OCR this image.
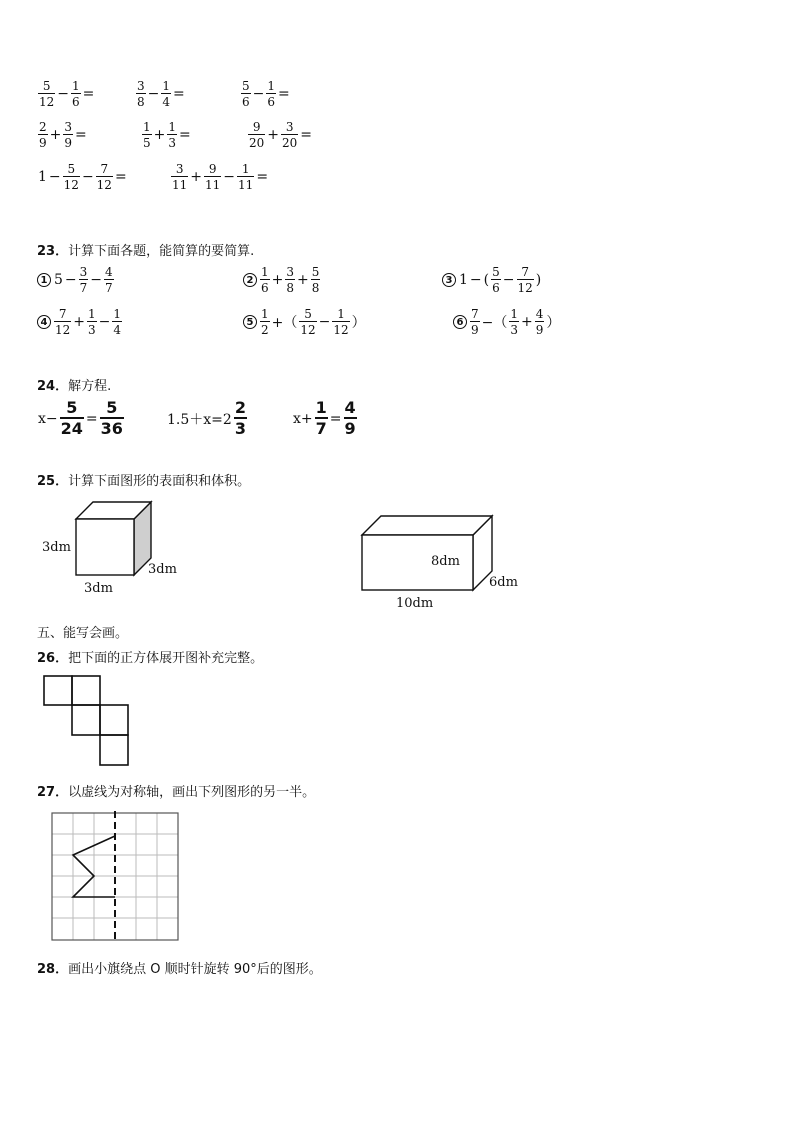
$\frac{5}{12} - \frac{1}{6}$ =	$\frac{3}{8} - \frac{1}{4}$ =	$\frac{5}{6} - \frac{1}{6}$ =
$\frac{2}{9} + \frac{3}{9}$ =	$\frac{1}{5} + \frac{1}{3}$ =	$\frac{9}{20} + \frac{3}{20}$ =
$1 - \frac{5}{12} - \frac{7}{12}$ =	$\frac{3}{11} + \frac{9}{11} - \frac{1}{11}$ =
23．计算下面各题，能简算的要简算.
1 $5 - \frac{3}{7} - \frac{4}{7}$	$2 \frac{1}{6} + \frac{3}{8} + \frac{5}{8}$	3 1 − ( $\frac{5}{6} - \frac{7}{12}$ )
$4 \frac{7}{12} + \frac{1}{3} - \frac{1}{4}$	$5 \frac{1}{2}$ +（ $\frac{5}{12} - \frac{1}{12}$ ）	$6 \frac{7}{9}$ −（ $\frac{1}{3} + \frac{4}{9}$ ）
24．解方程.
$x- \frac{5}{24} = \frac{5}{36}$	$1.5+x=2 \frac{2}{3}$	$x+ \frac{1}{7} = \frac{4}{9}$
25．计算下面图形的表面积和体积。
3dm
3dm
3dm
8dm
6dm
10dm
五、能写会画。
26．把下面的正方体展开图补充完整。
27．以虚线为对称轴，画出下列图形的另一半。
28．画出小旗绕点 O 顺时针旋转 90°后的图形。
